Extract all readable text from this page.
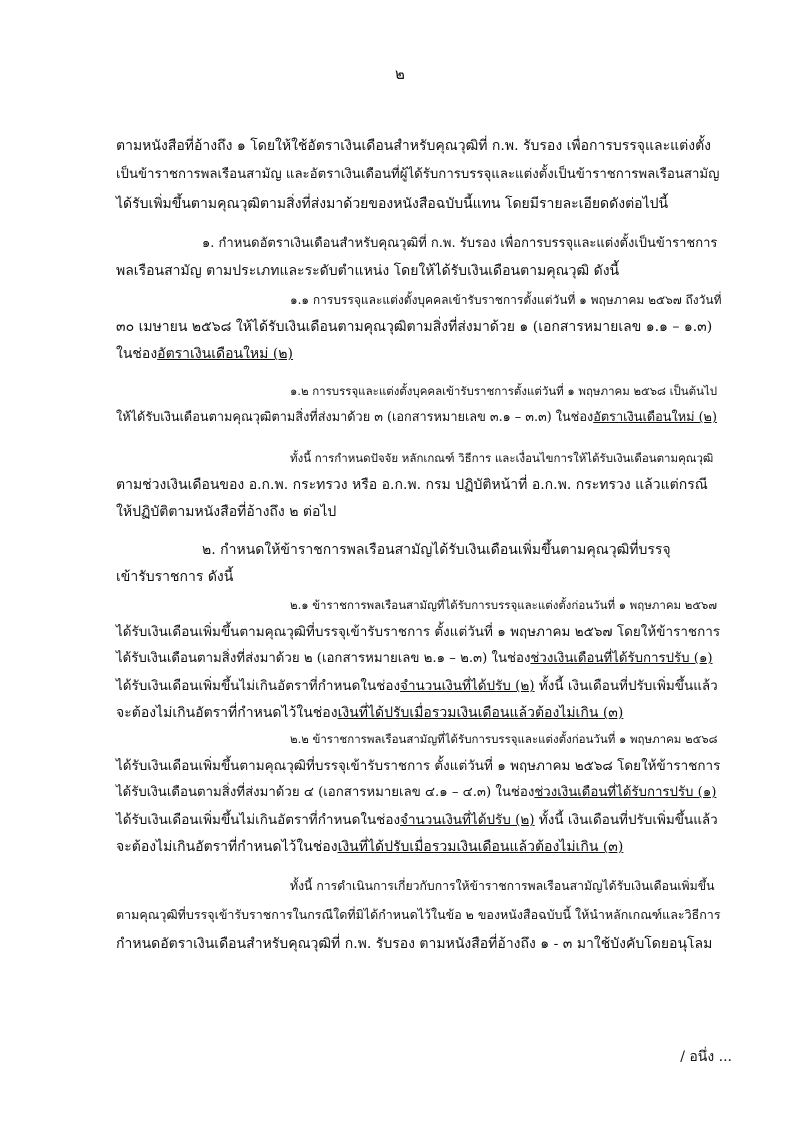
๒
ตามหนังสือที่อ้างถึง ๑ โดยให้ใช้อัตราเงินเดือนสำหรับคุณวุฒิที่ ก.พ. รับรอง เพื่อการบรรจุและแต่งตั้ง
เป็นข้าราชการพลเรือนสามัญ และอัตราเงินเดือนที่ผู้ได้รับการบรรจุและแต่งตั้งเป็นข้าราชการพลเรือนสามัญ
ได้รับเพิ่มขึ้นตามคุณวุฒิตามสิ่งที่ส่งมาด้วยของหนังสือฉบับนี้แทน โดยมีรายละเอียดดังต่อไปนี้
๑. กำหนดอัตราเงินเดือนสำหรับคุณวุฒิที่ ก.พ. รับรอง เพื่อการบรรจุและแต่งตั้งเป็นข้าราชการ
พลเรือนสามัญ ตามประเภทและระดับตำแหน่ง โดยให้ได้รับเงินเดือนตามคุณวุฒิ ดังนี้
๑.๑ การบรรจุและแต่งตั้งบุคคลเข้ารับราชการตั้งแต่วันที่ ๑ พฤษภาคม ๒๕๖๗ ถึงวันที่
๓๐ เมษายน ๒๕๖๘ ให้ได้รับเงินเดือนตามคุณวุฒิตามสิ่งที่ส่งมาด้วย ๑ (เอกสารหมายเลข ๑.๑ – ๑.๓)
ในช่องอัตราเงินเดือนใหม่ (๒)
๑.๒ การบรรจุและแต่งตั้งบุคคลเข้ารับราชการตั้งแต่วันที่ ๑ พฤษภาคม ๒๕๖๘ เป็นต้นไป
ให้ได้รับเงินเดือนตามคุณวุฒิตามสิ่งที่ส่งมาด้วย ๓ (เอกสารหมายเลข ๓.๑ – ๓.๓) ในช่องอัตราเงินเดือนใหม่ (๒)
ทั้งนี้ การกำหนดปัจจัย หลักเกณฑ์ วิธีการ และเงื่อนไขการให้ได้รับเงินเดือนตามคุณวุฒิ
ตามช่วงเงินเดือนของ อ.ก.พ. กระทรวง หรือ อ.ก.พ. กรม ปฏิบัติหน้าที่ อ.ก.พ. กระทรวง แล้วแต่กรณี
ให้ปฏิบัติตามหนังสือที่อ้างถึง ๒ ต่อไป
๒. กำหนดให้ข้าราชการพลเรือนสามัญได้รับเงินเดือนเพิ่มขึ้นตามคุณวุฒิที่บรรจุ
เข้ารับราชการ ดังนี้
๒.๑ ข้าราชการพลเรือนสามัญที่ได้รับการบรรจุและแต่งตั้งก่อนวันที่ ๑ พฤษภาคม ๒๕๖๗
ได้รับเงินเดือนเพิ่มขึ้นตามคุณวุฒิที่บรรจุเข้ารับราชการ ตั้งแต่วันที่ ๑ พฤษภาคม ๒๕๖๗ โดยให้ข้าราชการ
ได้รับเงินเดือนตามสิ่งที่ส่งมาด้วย ๒ (เอกสารหมายเลข ๒.๑ – ๒.๓) ในช่องช่วงเงินเดือนที่ได้รับการปรับ (๑)
ได้รับเงินเดือนเพิ่มขึ้นไม่เกินอัตราที่กำหนดในช่องจำนวนเงินที่ได้ปรับ (๒) ทั้งนี้ เงินเดือนที่ปรับเพิ่มขึ้นแล้ว
จะต้องไม่เกินอัตราที่กำหนดไว้ในช่องเงินที่ได้ปรับเมื่อรวมเงินเดือนแล้วต้องไม่เกิน (๓)
๒.๒ ข้าราชการพลเรือนสามัญที่ได้รับการบรรจุและแต่งตั้งก่อนวันที่ ๑ พฤษภาคม ๒๕๖๘
ได้รับเงินเดือนเพิ่มขึ้นตามคุณวุฒิที่บรรจุเข้ารับราชการ ตั้งแต่วันที่ ๑ พฤษภาคม ๒๕๖๘ โดยให้ข้าราชการ
ได้รับเงินเดือนตามสิ่งที่ส่งมาด้วย ๔ (เอกสารหมายเลข ๔.๑ – ๔.๓) ในช่องช่วงเงินเดือนที่ได้รับการปรับ (๑)
ได้รับเงินเดือนเพิ่มขึ้นไม่เกินอัตราที่กำหนดในช่องจำนวนเงินที่ได้ปรับ (๒) ทั้งนี้ เงินเดือนที่ปรับเพิ่มขึ้นแล้ว
จะต้องไม่เกินอัตราที่กำหนดไว้ในช่องเงินที่ได้ปรับเมื่อรวมเงินเดือนแล้วต้องไม่เกิน (๓)
ทั้งนี้ การดำเนินการเกี่ยวกับการให้ข้าราชการพลเรือนสามัญได้รับเงินเดือนเพิ่มขึ้น
ตามคุณวุฒิที่บรรจุเข้ารับราชการในกรณีใดที่มิได้กำหนดไว้ในข้อ ๒ ของหนังสือฉบับนี้ ให้นำหลักเกณฑ์และวิธีการ
กำหนดอัตราเงินเดือนสำหรับคุณวุฒิที่ ก.พ. รับรอง ตามหนังสือที่อ้างถึง ๑ - ๓ มาใช้บังคับโดยอนุโลม
/ อนึ่ง ...
